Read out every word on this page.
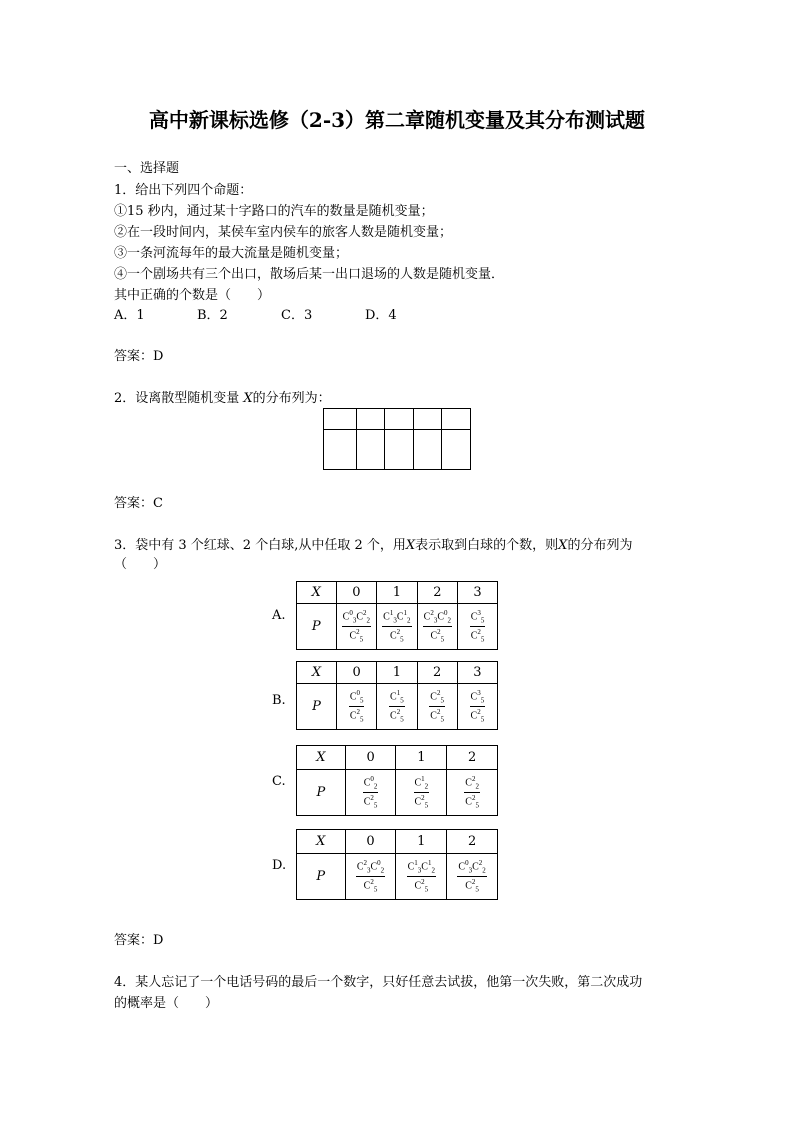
高中新课标选修（2-3）第二章随机变量及其分布测试题
一、选择题
1．给出下列四个命题：
①15 秒内，通过某十字路口的汽车的数量是随机变量；
②在一段时间内，某侯车室内侯车的旅客人数是随机变量；
③一条河流每年的最大流量是随机变量；
④一个剧场共有三个出口，散场后某一出口退场的人数是随机变量．
其中正确的个数是（　　）
A．1	B．2	C．3	D．4
答案：D
2．设离散型随机变量 X的分布列为：

答案：C
3．袋中有 3 个红球、2 个白球,从中任取 2 个，用X表示取到白球的个数，则X的分布列为
（　　）
A.
X	0	1	2	3
P	$\frac{C^0_3C^2_2}{C^2_5}$	$\frac{C^1_3C^1_2}{C^2_5}$	$\frac{C^2_3C^0_2}{C^2_5}$	$\frac{C^3_5}{C^2_5}$
B.
X	0	1	2	3
P	$\frac{C^0_5}{C^2_5}$	$\frac{C^1_5}{C^2_5}$	$\frac{C^2_5}{C^2_5}$	$\frac{C^3_5}{C^2_5}$
C.
X	0	1	2
P	$\frac{C^0_2}{C^2_5}$	$\frac{C^1_2}{C^2_5}$	$\frac{C^2_2}{C^2_5}$
D.
X	0	1	2
P	$\frac{C^2_3C^0_2}{C^2_5}$	$\frac{C^1_3C^1_2}{C^2_5}$	$\frac{C^0_3C^2_2}{C^2_5}$
答案：D
4．某人忘记了一个电话号码的最后一个数字，只好任意去试拔，他第一次失败，第二次成功
的概率是（　　）
